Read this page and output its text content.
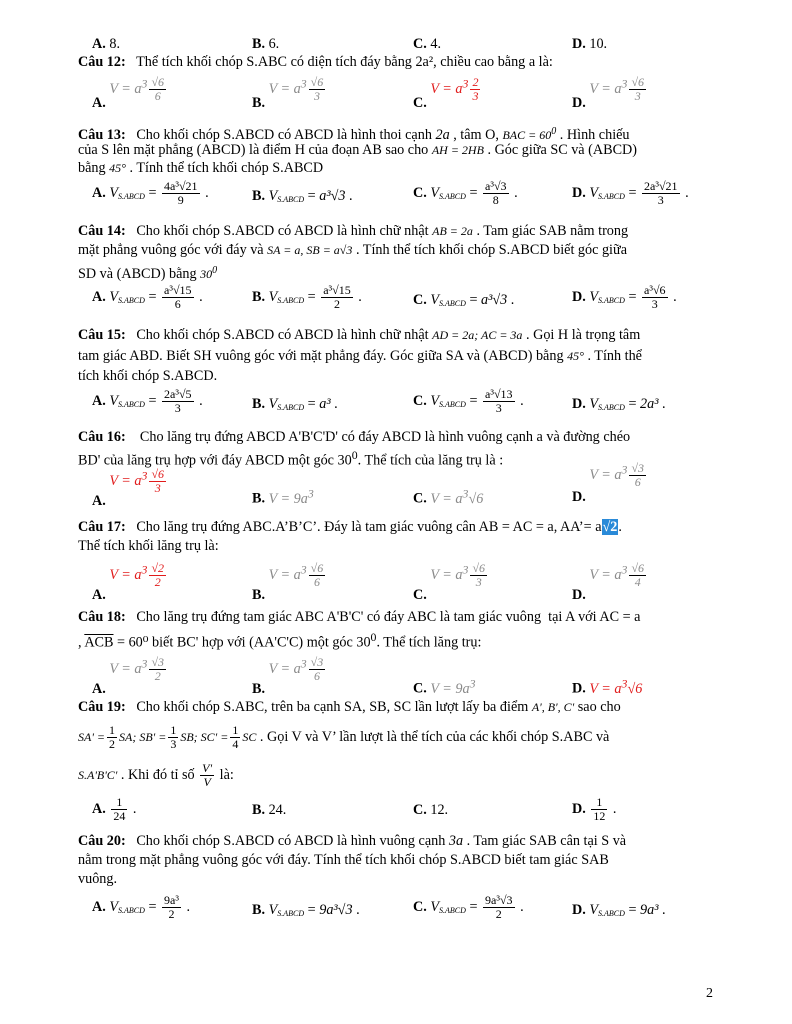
A. 8.	B. 6.	C. 4.	D. 10.
Câu 12:   Thể tích khối chóp S.ABC có diện tích đáy bằng 2a², chiều cao bằng a là:
A. $V = a^3 \frac{√6}{6}$	B. $V = a^3 \frac{√6}{3}$	C. $V = a^3 \frac{2}{3}$	D. $V = a^3 \frac{√6}{3}$
Câu 13:   Cho khối chóp S.ABCD có ABCD là hình thoi cạnh 2a , tâm O, BAC = $60^0$ . Hình chiếu
của S lên mặt phẳng (ABCD) là điểm H của đoạn AB sao cho AH = 2HB . Góc giữa SC và (ABCD)
bằng 45° . Tính thể tích khối chóp S.ABCD
A. $V_{S.ABCD} = \frac{\text{4a³√21}}{9}$ .	B. $V_{S.ABCD} = a^3√3$ .	C. $V_{S.ABCD} = \frac{\text{a³√3}}{8}$ .	D. $V_{S.ABCD} = \frac{\text{2a³√21}}{3}$ .
Câu 14:   Cho khối chóp S.ABCD có ABCD là hình chữ nhật AB = 2a . Tam giác SAB nằm trong
mặt phẳng vuông góc với đáy và SA = a, SB = a√3 . Tính thể tích khối chóp S.ABCD biết góc giữa
SD và (ABCD) bằng $30^0$
A. $V_{S.ABCD} = \frac{\text{a³√15}}{6}$ .	B. $V_{S.ABCD} = \frac{\text{a³√15}}{2}$ .	C. $V_{S.ABCD} = a^3√3$ .	D. $V_{S.ABCD} = \frac{\text{a³√6}}{3}$ .
Câu 15:   Cho khối chóp S.ABCD có ABCD là hình chữ nhật AD = 2a; AC = 3a . Gọi H là trọng tâm
tam giác ABD. Biết SH vuông góc với mặt phẳng đáy. Góc giữa SA và (ABCD) bằng 45° . Tính thể
tích khối chóp S.ABCD.
A. $V_{S.ABCD} = \frac{\text{2a³√5}}{3}$ .	B. $V_{S.ABCD} = a^3$ .	C. $V_{S.ABCD} = \frac{\text{a³√13}}{3}$ .	D. $V_{S.ABCD} = 2a^3$ .
Câu 16:    Cho lăng trụ đứng ABCD A'B'C'D' có đáy ABCD là hình vuông cạnh a và đường chéo
BD' của lăng trụ hợp với đáy ABCD một góc $30^0$. Thể tích của lăng trụ là :
A. $V = a^3 \frac{√6}{3}$
B. $V = 9a^3$	C. $V = a^3√6$	D. $V = a^3 \frac{√3}{6}$
Câu 17:   Cho lăng trụ đứng ABC.A’B’C’. Đáy là tam giác vuông cân AB = AC = a, AA’= a√2.
Thể tích khối lăng trụ là:
A. $V = a^3 \frac{√2}{2}$
B. $V = a^3 \frac{√6}{6}$
C. $V = a^3 \frac{√6}{3}$
D. $V = a^3 \frac{√6}{4}$
Câu 18:   Cho lăng trụ đứng tam giác ABC A'B'C' có đáy ABC là tam giác vuông  tại A với AC = a
, $\overline{ACB} = 60^0$ biết BC' hợp với (AA'C'C) một góc $30^0$. Thể tích lăng trụ:
A. $V = a^3 \frac{√3}{2}$
B. $V = a^3 \frac{√3}{6}$
C. $V = 9a^3$	D. $V = a^3√6$
Câu 19:   Cho khối chóp S.ABC, trên ba cạnh SA, SB, SC lần lượt lấy ba điểm A', B', C' sao cho
$SA' = \frac{1}{2}$ SA; $SB' = \frac{1}{3}$ SB; $SC' = \frac{1}{4}$ SC . Gọi V và V’ lần lượt là thể tích của các khối chóp S.ABC và
S.A'B'C' . Khi đó tỉ số $\frac{V'}{V}$ là:
A. $\frac{1}{24}$ .	B. 24.	C. 12.	D. $\frac{1}{12}$ .
Câu 20:   Cho khối chóp S.ABCD có ABCD là hình vuông cạnh 3a . Tam giác SAB cân tại S và
nằm trong mặt phẳng vuông góc với đáy. Tính thể tích khối chóp S.ABCD biết tam giác SAB
vuông.
A. $V_{S.ABCD} = \frac{\text{9a³}}{2}$ .	B. $V_{S.ABCD} = 9a^3√3$ .	C. $V_{S.ABCD} = \frac{\text{9a³√3}}{2}$ .	D. $V_{S.ABCD} = 9a^3$ .
2
